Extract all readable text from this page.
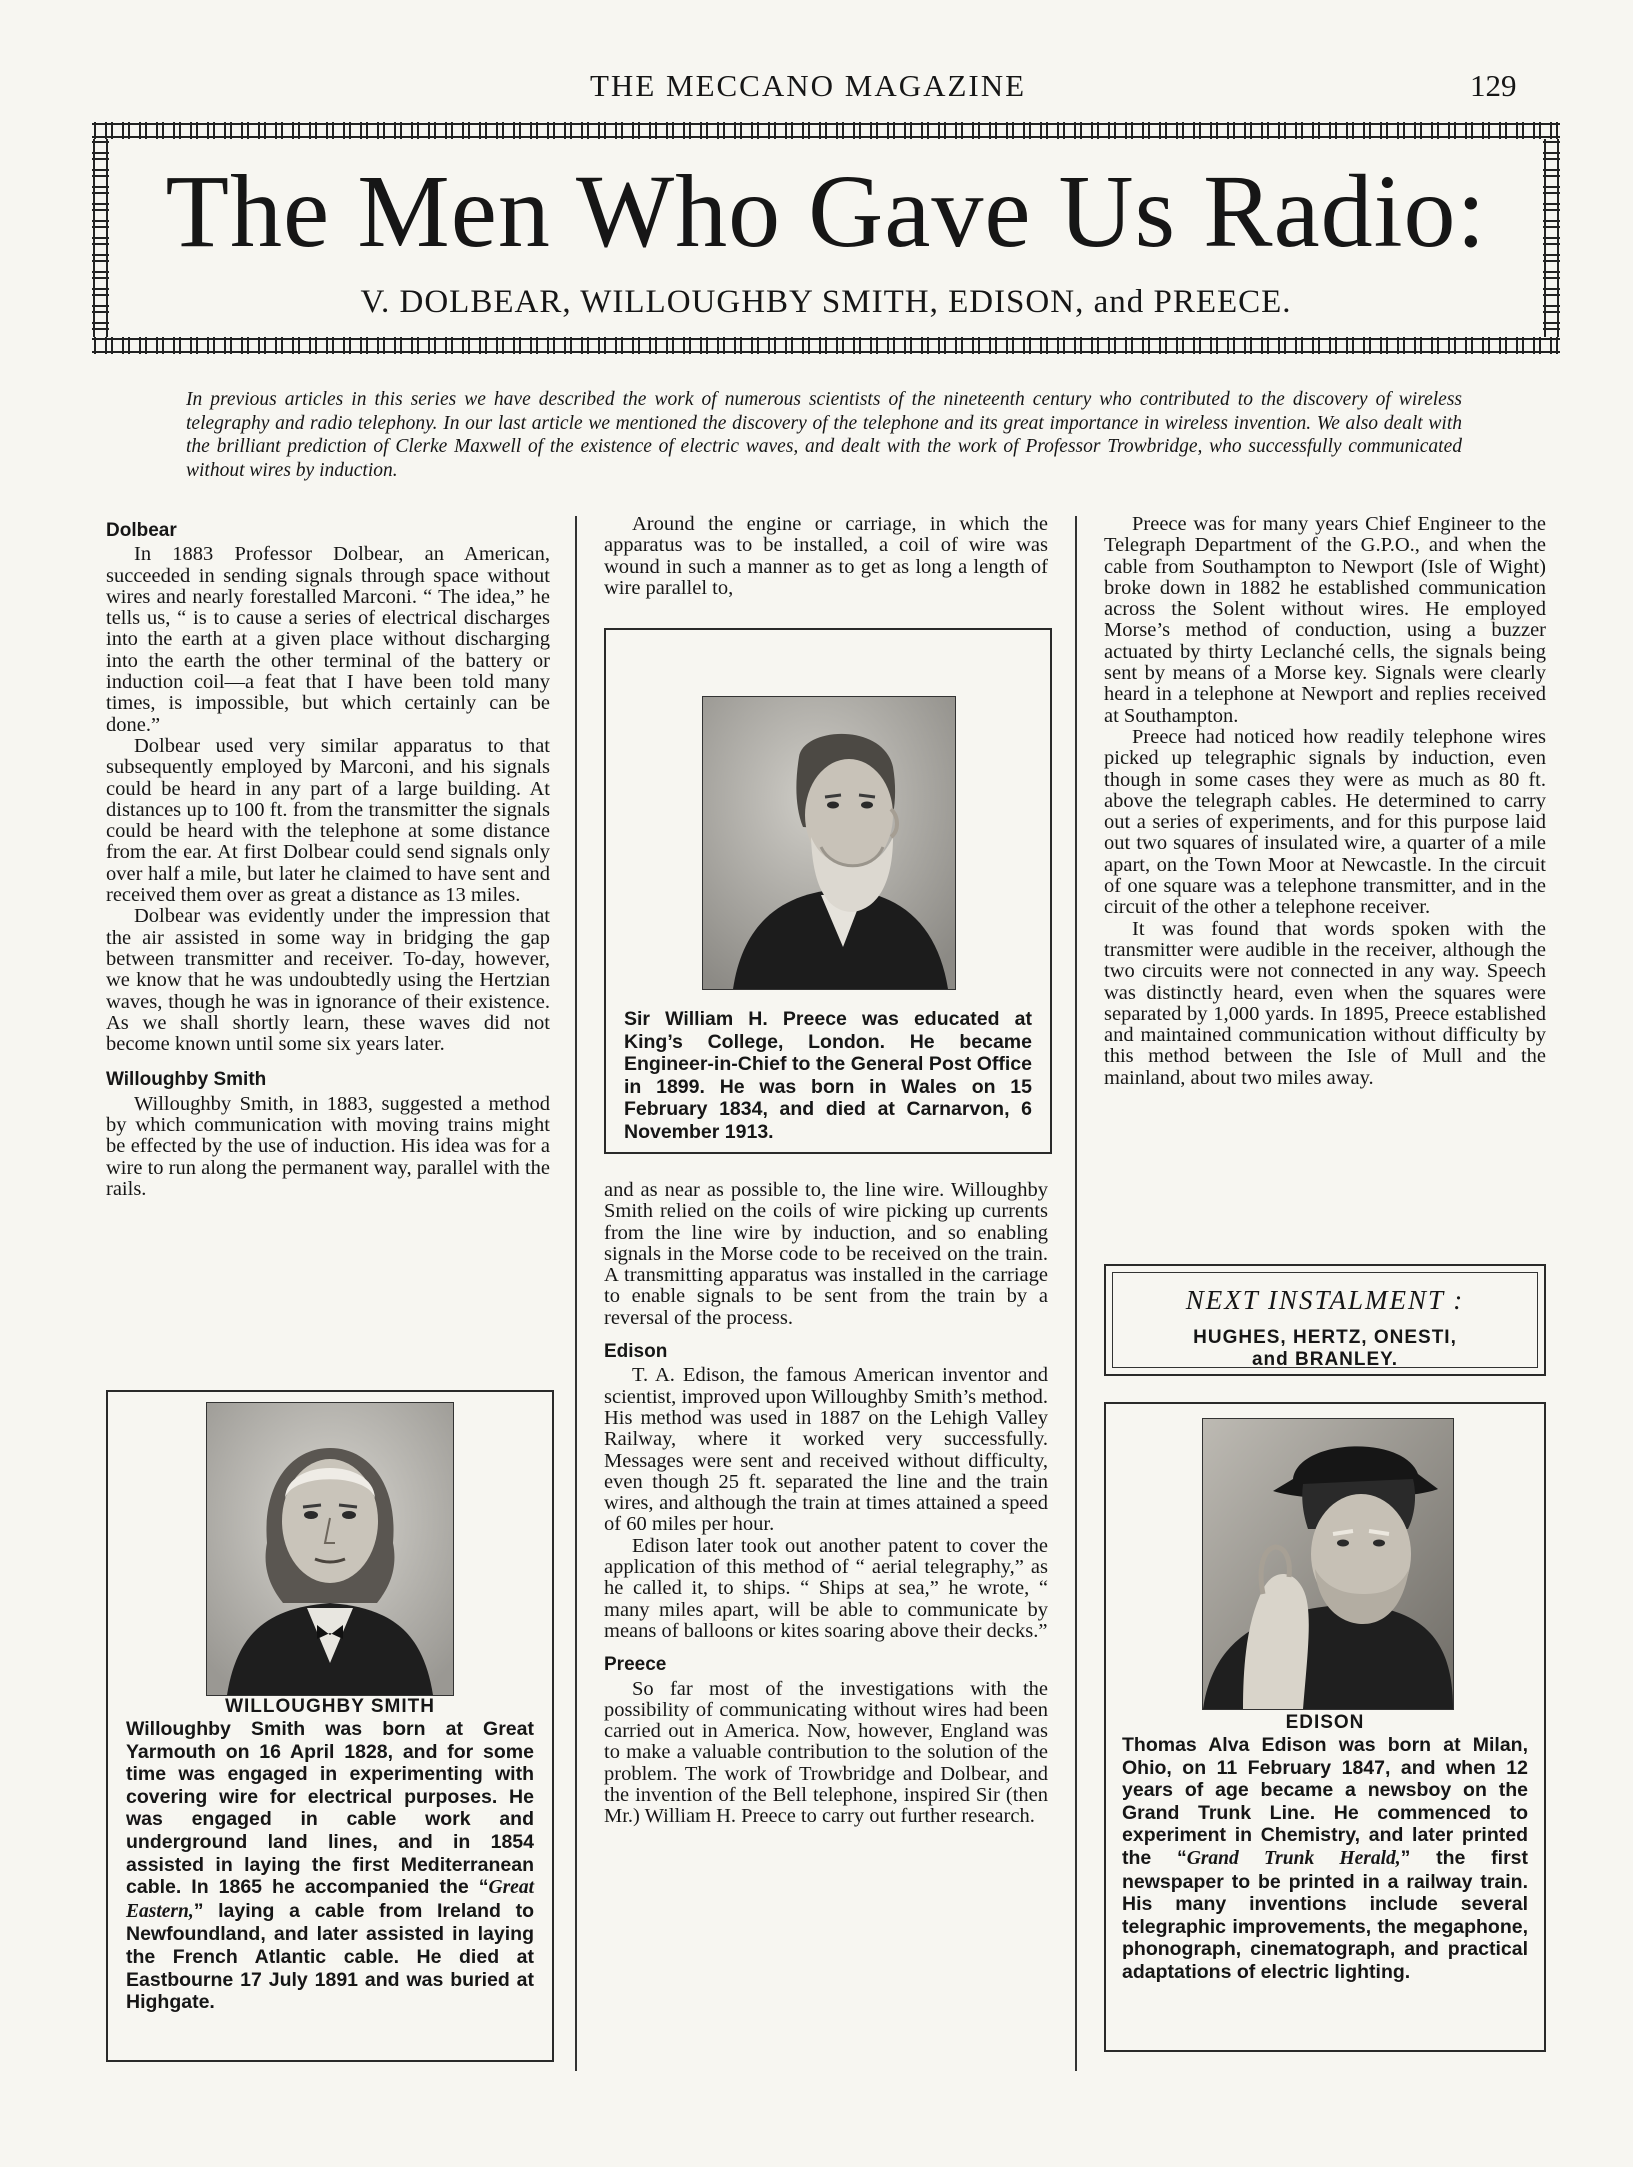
THE MECCANO MAGAZINE	129
The Men Who Gave Us Radio:
V. DOLBEAR, WILLOUGHBY SMITH, EDISON, and PREECE.
In previous articles in this series we have described the work of numerous scientists of the nineteenth century who contributed to the discovery of wireless telegraphy and radio telephony. In our last article we mentioned the discovery of the telephone and its great importance in wireless invention. We also dealt with the brilliant prediction of Clerke Maxwell of the existence of electric waves, and dealt with the work of Professor Trowbridge, who successfully communicated without wires by induction.
Dolbear

In 1883 Professor Dolbear, an American, succeeded in sending signals through space without wires and nearly forestalled Marconi. “ The idea,” he tells us, “ is to cause a series of electrical discharges into the earth at a given place without discharging into the earth the other terminal of the battery or induction coil—a feat that I have been told many times, is impossible, but which certainly can be done.”

Dolbear used very similar apparatus to that subsequently employed by Marconi, and his signals could be heard in any part of a large building. At distances up to 100 ft. from the transmitter the signals could be heard with the telephone at some distance from the ear. At first Dolbear could send signals only over half a mile, but later he claimed to have sent and received them over as great a distance as 13 miles.

Dolbear was evidently under the impression that the air assisted in some way in bridging the gap between transmitter and receiver. To-day, however, we know that he was undoubtedly using the Hertzian waves, though he was in ignorance of their existence. As we shall shortly learn, these waves did not become known until some six years later.

Willoughby Smith

Willoughby Smith, in 1883, suggested a method by which communication with moving trains might be effected by the use of induction. His idea was for a wire to run along the permanent way, parallel with the rails.

WILLOUGHBY SMITH
Willoughby Smith was born at Great Yarmouth on 16 April 1828, and for some time was engaged in experimenting with covering wire for electrical purposes. He was engaged in cable work and underground land lines, and in 1854 assisted in laying the first Mediterranean cable. In 1865 he accompanied the “Great Eastern,” laying a cable from Ireland to Newfoundland, and later assisted in laying the French Atlantic cable. He died at Eastbourne 17 July 1891 and was buried at Highgate.

Around the engine or carriage, in which the apparatus was to be installed, a coil of wire was wound in such a manner as to get as long a length of wire parallel to,

Sir William H. Preece was educated at King’s College, London. He became Engineer-in-Chief to the General Post Office in 1899. He was born in Wales on 15 February 1834, and died at Carnarvon, 6 November 1913.

and as near as possible to, the line wire. Willoughby Smith relied on the coils of wire picking up currents from the line wire by induction, and so enabling signals in the Morse code to be received on the train. A transmitting apparatus was installed in the carriage to enable signals to be sent from the train by a reversal of the process.

Edison

T. A. Edison, the famous American inventor and scientist, improved upon Willoughby Smith’s method. His method was used in 1887 on the Lehigh Valley Railway, where it worked very successfully. Messages were sent and received without difficulty, even though 25 ft. separated the line and the train wires, and although the train at times attained a speed of 60 miles per hour.

Edison later took out another patent to cover the application of this method of “ aerial telegraphy,” as he called it, to ships. “ Ships at sea,” he wrote, “ many miles apart, will be able to communicate by means of balloons or kites soaring above their decks.”

Preece

So far most of the investigations with the possibility of communicating without wires had been carried out in America. Now, however, England was to make a valuable contribution to the solution of the problem. The work of Trowbridge and Dolbear, and the invention of the Bell telephone, inspired Sir (then Mr.) William H. Preece to carry out further research.

Preece was for many years Chief Engineer to the Telegraph Department of the G.P.O., and when the cable from Southampton to Newport (Isle of Wight) broke down in 1882 he established communication across the Solent without wires. He employed Morse’s method of conduction, using a buzzer actuated by thirty Leclanché cells, the signals being sent by means of a Morse key. Signals were clearly heard in a telephone at Newport and replies received at Southampton.

Preece had noticed how readily telephone wires picked up telegraphic signals by induction, even though in some cases they were as much as 80 ft. above the telegraph cables. He determined to carry out a series of experiments, and for this purpose laid out two squares of insulated wire, a quarter of a mile apart, on the Town Moor at Newcastle. In the circuit of one square was a telephone transmitter, and in the circuit of the other a telephone receiver.

It was found that words spoken with the transmitter were audible in the receiver, although the two circuits were not connected in any way. Speech was distinctly heard, even when the squares were separated by 1,000 yards. In 1895, Preece established and maintained communication without difficulty by this method between the Isle of Mull and the mainland, about two miles away.

NEXT INSTALMENT :
HUGHES, HERTZ, ONESTI,
and BRANLEY.
EDISON
Thomas Alva Edison was born at Milan, Ohio, on 11 February 1847, and when 12 years of age became a newsboy on the Grand Trunk Line. He commenced to experiment in Chemistry, and later printed the “Grand Trunk Herald,” the first newspaper to be printed in a railway train. His many inventions include several telegraphic improvements, the megaphone, phonograph, cinematograph, and practical adaptations of electric lighting.
